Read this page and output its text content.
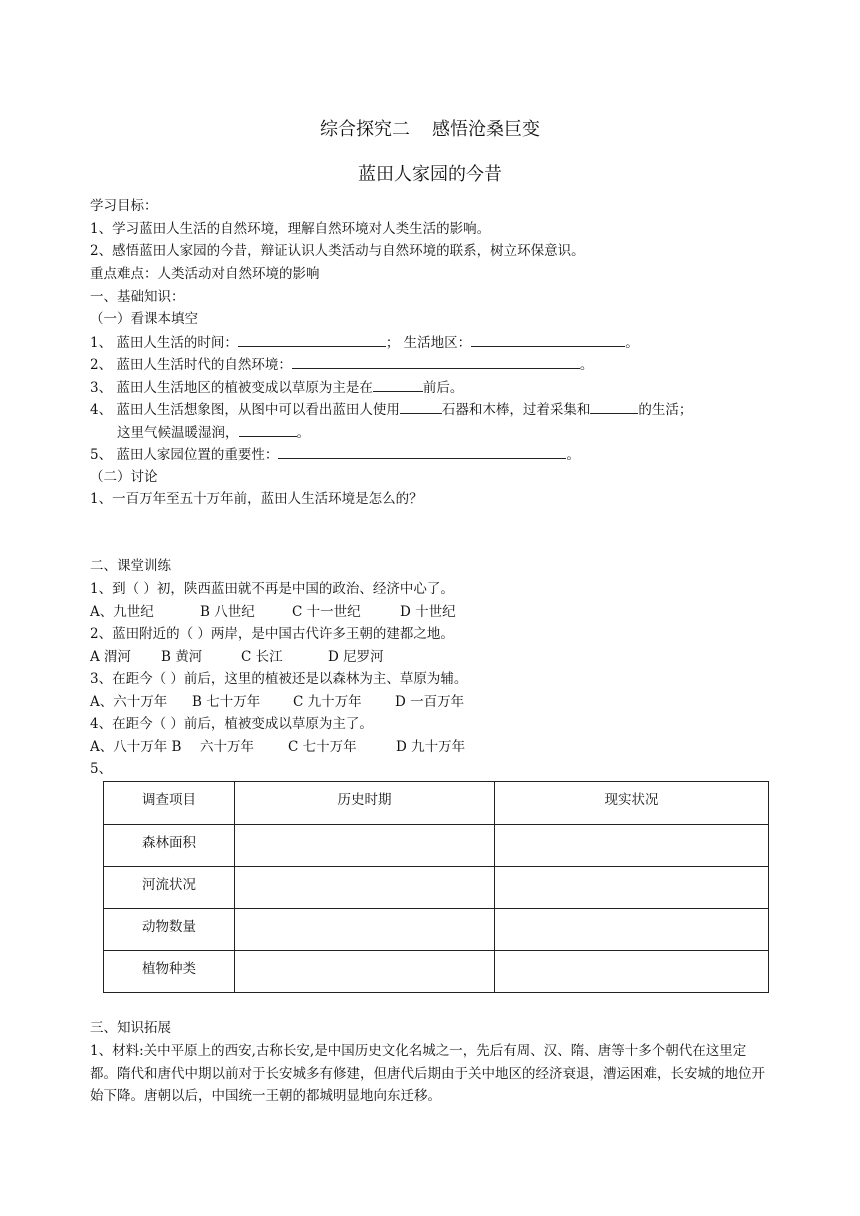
综合探究二 感悟沧桑巨变
蓝田人家园的今昔
学习目标：
1、学习蓝田人生活的自然环境，理解自然环境对人类生活的影响。
2、感悟蓝田人家园的今昔，辩证认识人类活动与自然环境的联系，树立环保意识。
重点难点：人类活动对自然环境的影响
一、基础知识：
（一）看课本填空
1、 蓝田人生活的时间：	； 生活地区：	。
2、 蓝田人生活时代的自然环境：	。
3、 蓝田人生活地区的植被变成以草原为主是在	前后。
4、 蓝田人生活想象图，从图中可以看出蓝田人使用	石器和木棒，过着采集和	的生活；
这里气候温暖湿润，	。
5、 蓝田人家园位置的重要性：	。
（二）讨论
1、一百万年至五十万年前，蓝田人生活环境是怎么的？
二、课堂训练
1、到（ ）初，陕西蓝田就不再是中国的政治、经济中心了。
A、九世纪	B 八世纪	C 十一世纪	D 十世纪
2、蓝田附近的（ ）两岸，是中国古代许多王朝的建都之地。
A 渭河 B 黄河	C 长江	D 尼罗河
3、在距今（ ）前后，这里的植被还是以森林为主、草原为辅。
A、六十万年 B 七十万年 C 九十万年 D 一百万年
4、在距今（ ）前后，植被变成以草原为主了。
A、八十万年 B 六十万年	C 七十万年	D 九十万年
5、
调查项目	历史时期	现实状况
森林面积		
河流状况		
动物数量		
植物种类		
三、知识拓展
1、材料:关中平原上的西安,古称长安,是中国历史文化名城之一，先后有周、汉、隋、唐等十多个朝代在这里定都。隋代和唐代中期以前对于长安城多有修建，但唐代后期由于关中地区的经济衰退，漕运困难，长安城的地位开始下降。唐朝以后，中国统一王朝的都城明显地向东迁移。
